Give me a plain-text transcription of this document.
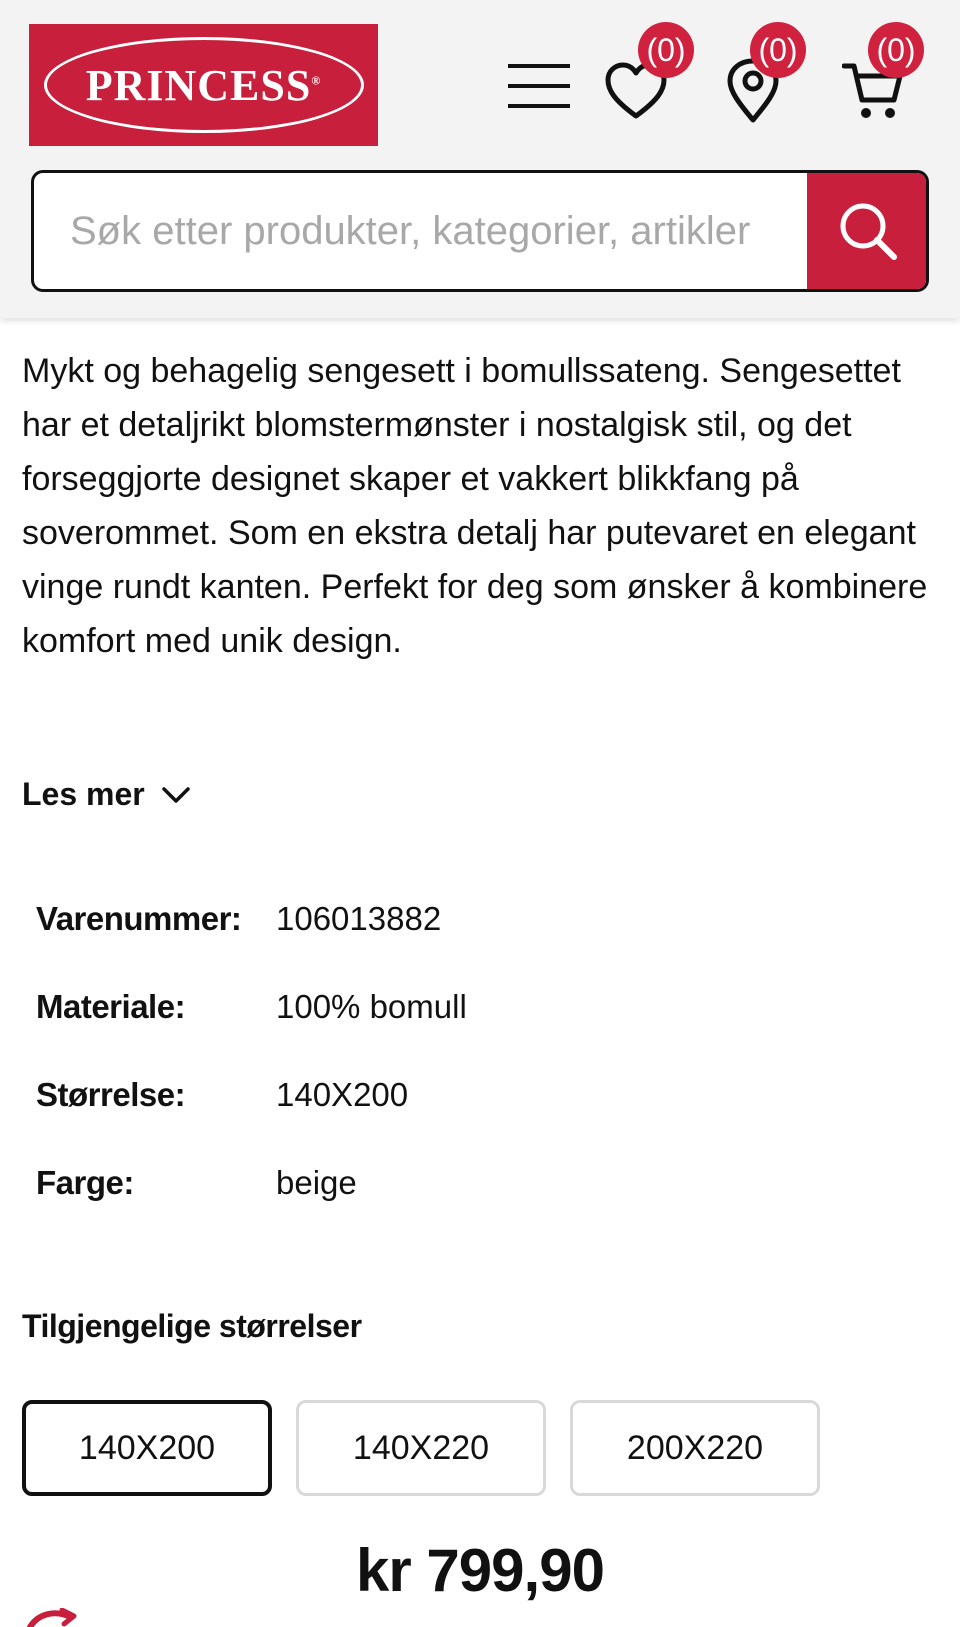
PRINCESS®
(0) (0) (0)
Søk etter produkter, kategorier, artikler

Mykt og behagelig sengesett i bomullssateng. Sengesettet har et detaljrikt blomstermønster i nostalgisk stil, og det forseggjorte designet skaper et vakkert blikkfang på soverommet. Som en ekstra detalj har putevaret en elegant vinge rundt kanten. Perfekt for deg som ønsker å kombinere komfort med unik design.

Les mer
Varenummer:	106013882
Materiale:	100% bomull
Størrelse:	140X200
Farge:	beige
Tilgjengelige størrelser
140X200	140X220	200X220
kr 799,90
